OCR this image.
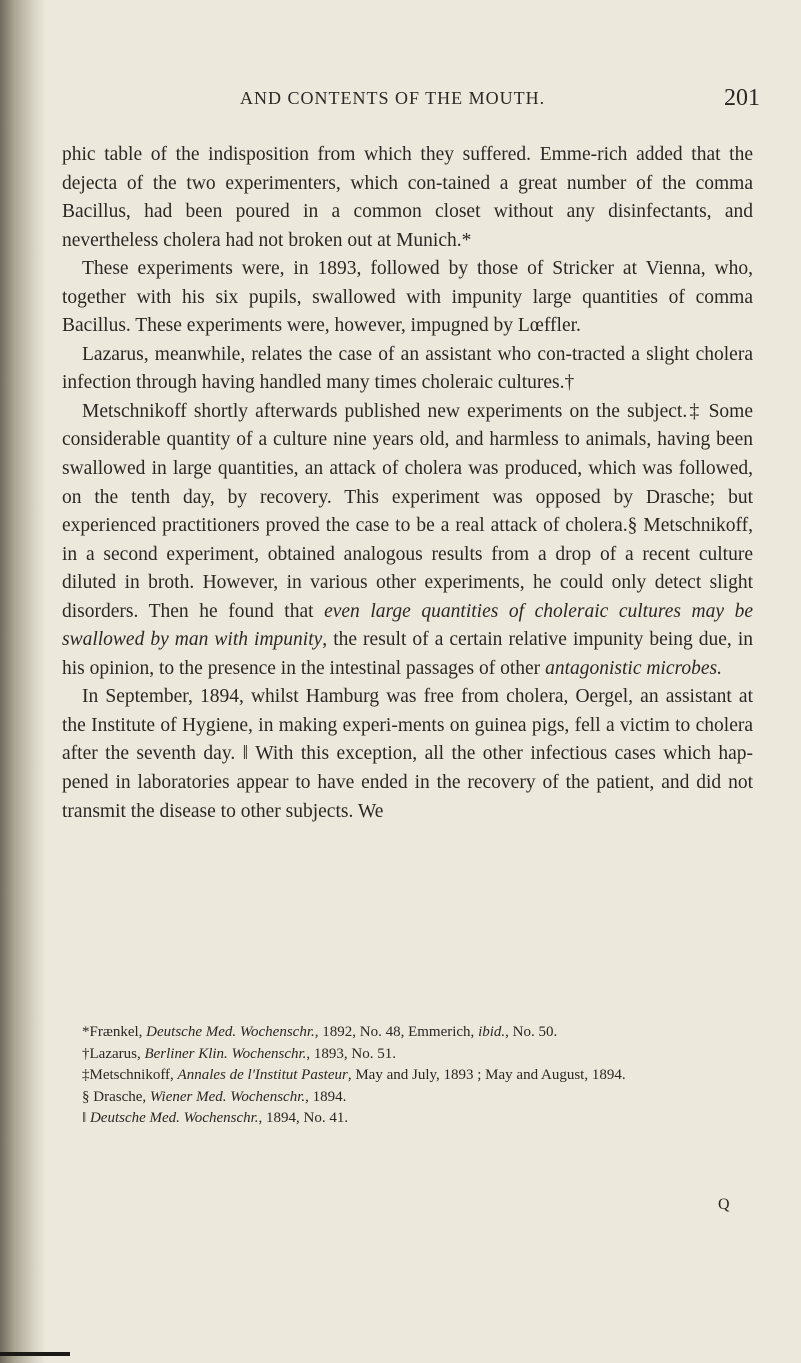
AND CONTENTS OF THE MOUTH.	201

phic table of the indisposition from which they suffered. Emme-rich added that the dejecta of the two experimenters, which con-tained a great number of the comma Bacillus, had been poured in a common closet without any disinfectants, and nevertheless cholera had not broken out at Munich.*

These experiments were, in 1893, followed by those of Stricker at Vienna, who, together with his six pupils, swallowed with impunity large quantities of comma Bacillus. These experiments were, however, impugned by Lœffler.

Lazarus, meanwhile, relates the case of an assistant who con-tracted a slight cholera infection through having handled many times choleraic cultures.†

Metschnikoff shortly afterwards published new experiments on the subject.‡ Some considerable quantity of a culture nine years old, and harmless to animals, having been swallowed in large quantities, an attack of cholera was produced, which was followed, on the tenth day, by recovery. This experiment was opposed by Drasche; but experienced practitioners proved the case to be a real attack of cholera.§ Metschnikoff, in a second experiment, obtained analogous results from a drop of a recent culture diluted in broth. However, in various other experiments, he could only detect slight disorders. Then he found that even large quantities of choleraic cultures may be swallowed by man with impunity, the result of a certain relative impunity being due, in his opinion, to the presence in the intestinal passages of other antagonistic microbes.

In September, 1894, whilst Hamburg was free from cholera, Oergel, an assistant at the Institute of Hygiene, in making experi-ments on guinea pigs, fell a victim to cholera after the seventh day. ‖ With this exception, all the other infectious cases which hap-pened in laboratories appear to have ended in the recovery of the patient, and did not transmit the disease to other subjects. We

*Frænkel, Deutsche Med. Wochenschr., 1892, No. 48, Emmerich, ibid., No. 50.

†Lazarus, Berliner Klin. Wochenschr., 1893, No. 51.

‡Metschnikoff, Annales de l'Institut Pasteur, May and July, 1893 ; May and August, 1894.

§ Drasche, Wiener Med. Wochenschr., 1894.

‖ Deutsche Med. Wochenschr., 1894, No. 41.

Q
